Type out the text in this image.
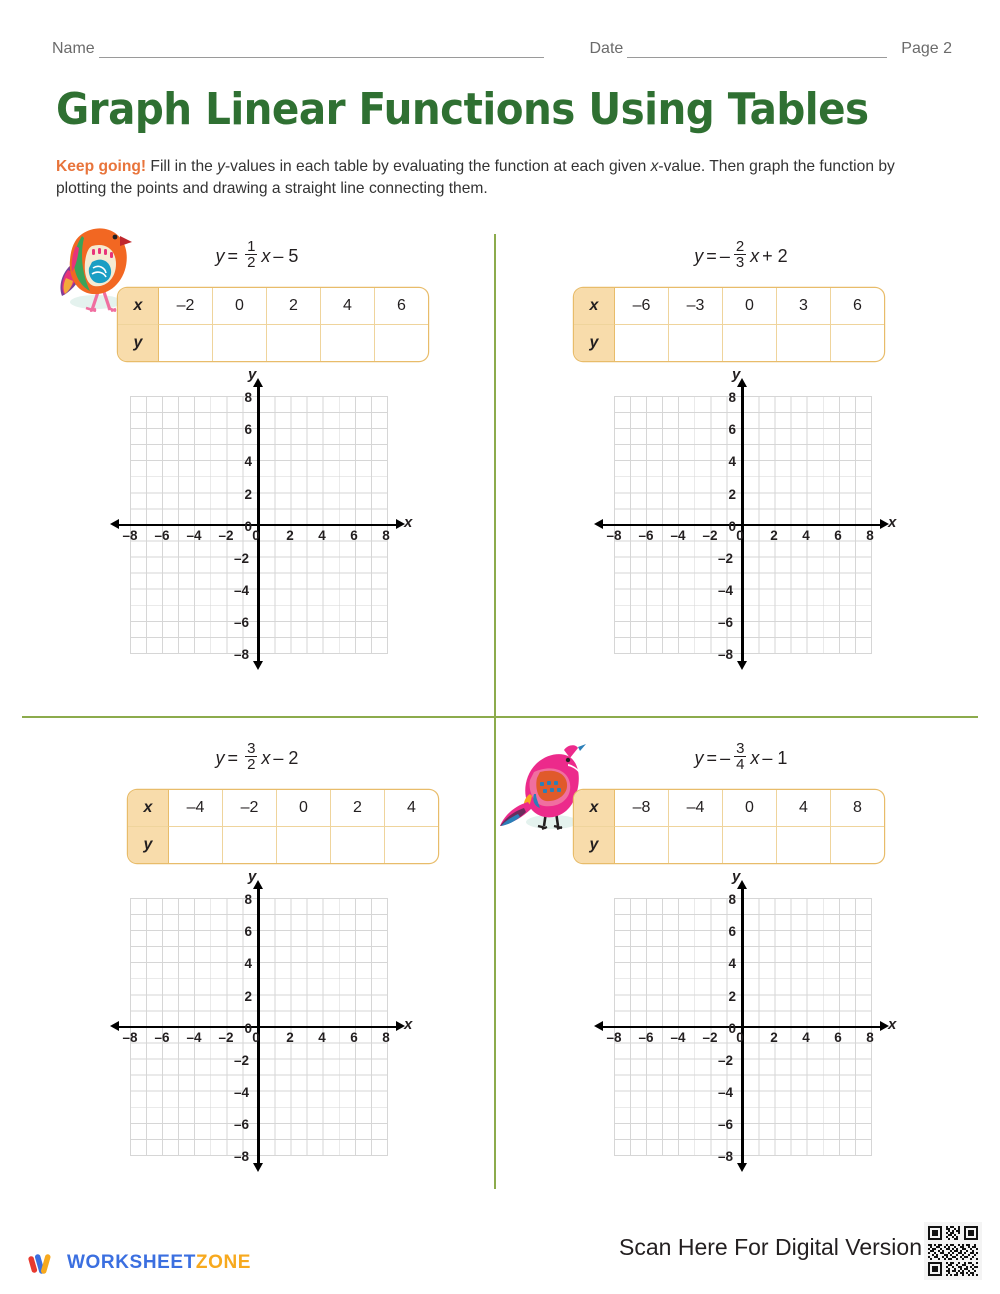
Name	Date	Page 2
Graph Linear Functions Using Tables
Keep going! Fill in the y-values in each table by evaluating the function at each given x-value. Then graph the function by plotting the points and drawing a straight line connecting them.
$y = \frac{1}{2}$ x – 5
x	–2	0	2	4	6
y					
x
y
–8	–6	–4	–2	0	2	4	6	8
8
6
4
2
0
–2
–4
–6
–8
y = – $\frac{2}{3}$ x + 2
x	–6	–3	0	3	6
y					
x
y
–8	–6	–4	–2	0	2	4	6	8
8
6
4
2
0
–2
–4
–6
–8
$y = \frac{3}{2}$ x – 2
x	–4	–2	0	2	4
y					
x
y
–8	–6	–4	–2	0	2	4	6	8
8
6
4
2
0
–2
–4
–6
–8
y = – $\frac{3}{4}$ x – 1
x	–8	–4	0	4	8
y					
x
y
–8	–6	–4	–2	0	2	4	6	8
8
6
4
2
0
–2
–4
–6
–8
WORKSHEETZONE
Scan Here For Digital Version
